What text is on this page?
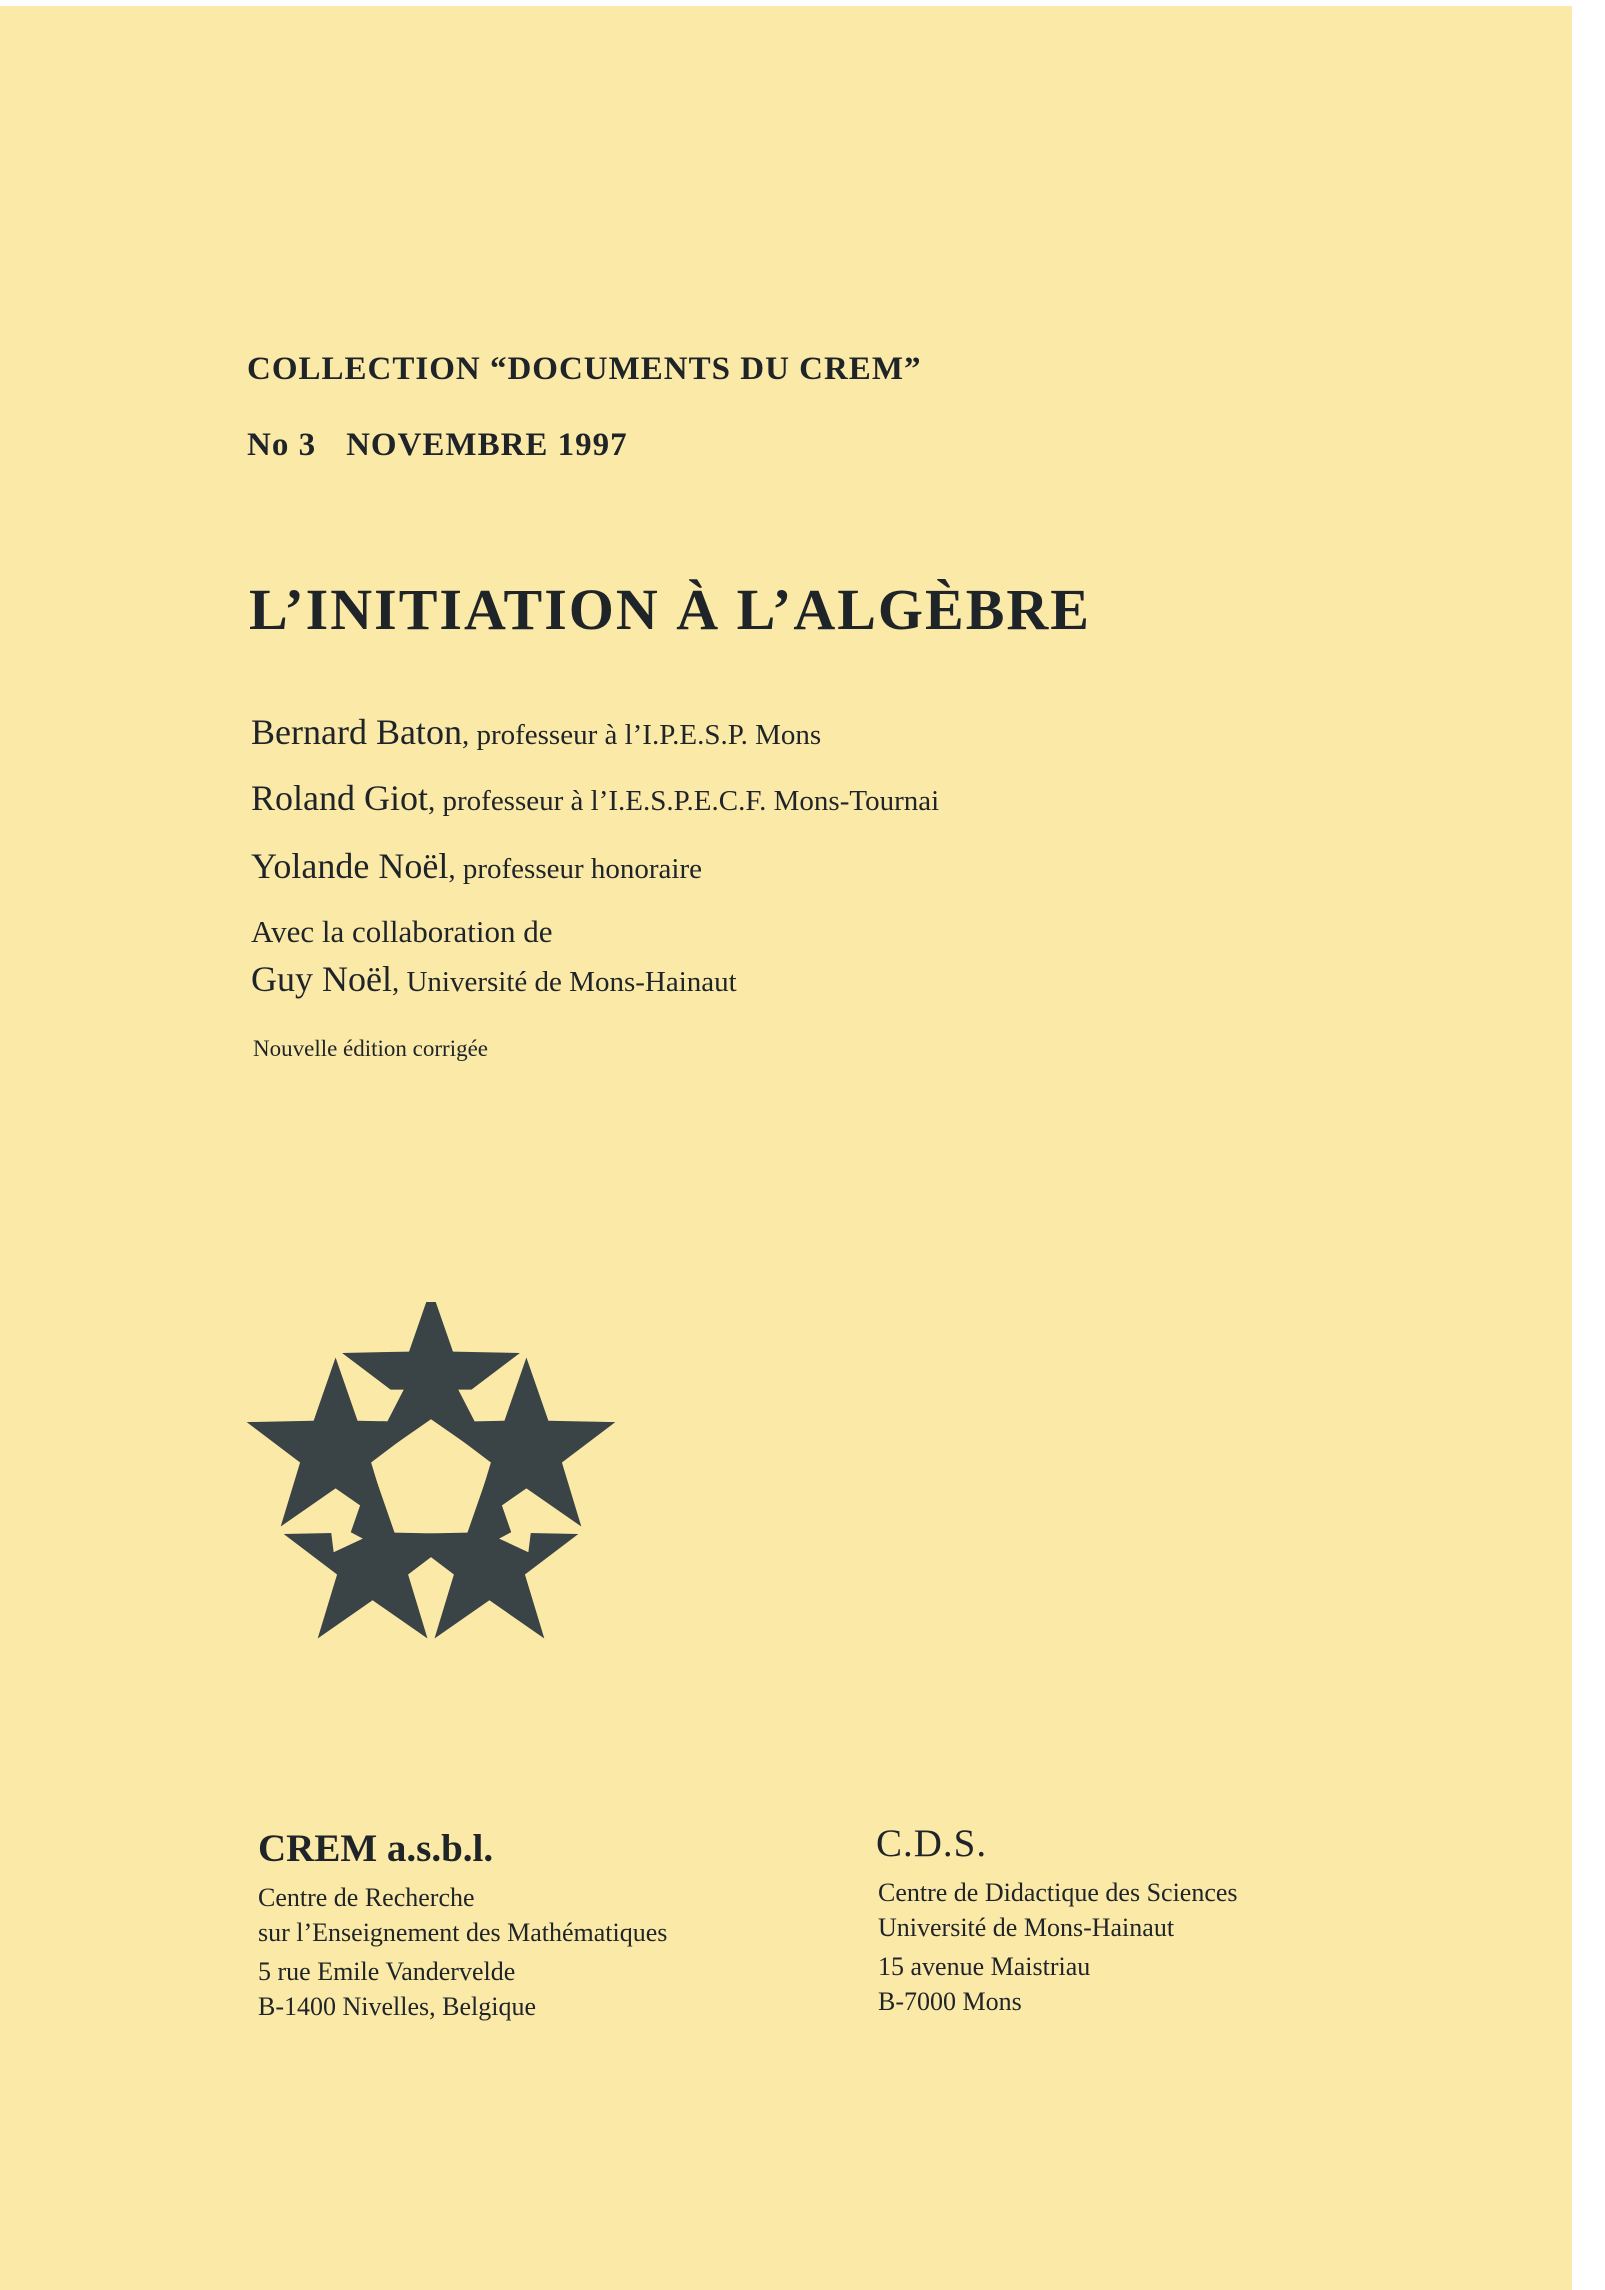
COLLECTION “DOCUMENTS DU CREM”
No 3 NOVEMBRE 1997
L’INITIATION À L’ALGÈBRE
Bernard Baton, professeur à l’I.P.E.S.P. Mons
Roland Giot, professeur à l’I.E.S.P.E.C.F. Mons-Tournai
Yolande Noël, professeur honoraire
Avec la collaboration de
Guy Noël, Université de Mons-Hainaut
Nouvelle édition corrigée
CREM a.s.b.l.
Centre de Recherche
sur l’Enseignement des Mathématiques
5 rue Emile Vandervelde
B-1400 Nivelles, Belgique
C.D.S.
Centre de Didactique des Sciences
Université de Mons-Hainaut
15 avenue Maistriau
B-7000 Mons
